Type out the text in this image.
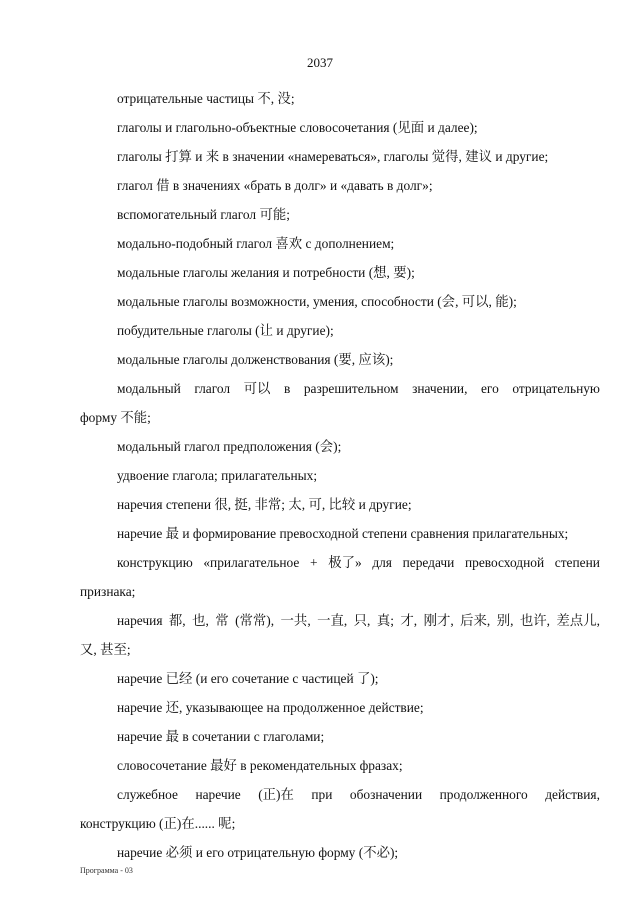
2037
отрицательные частицы 不, 没;
глаголы и глагольно-объектные словосочетания (见面 и далее);
глаголы 打算 и 来 в значении «намереваться», глаголы 觉得, 建议 и другие;
глагол 借 в значениях «брать в долг» и «давать в долг»;
вспомогательный глагол 可能;
модально-подобный глагол 喜欢 с дополнением;
модальные глаголы желания и потребности (想, 要);
модальные глаголы возможности, умения, способности (会, 可以, 能);
побудительные глаголы (让 и другие);
модальные глаголы долженствования (要, 应该);
модальный глагол 可以 в разрешительном значении, его отрицательную
форму 不能;
модальный глагол предположения (会);
удвоение глагола; прилагательных;
наречия степени 很, 挺, 非常; 太, 可, 比较 и другие;
наречие 最 и формирование превосходной степени сравнения прилагательных;
конструкцию «прилагательное + 极了» для передачи превосходной степени
признака;
наречия 都, 也, 常 (常常), 一共, 一直, 只, 真; 才, 刚才, 后来, 别, 也许, 差点儿,
又, 甚至;
наречие 已经 (и его сочетание с частицей 了);
наречие 还, указывающее на продолженное действие;
наречие 最 в сочетании с глаголами;
словосочетание 最好 в рекомендательных фразах;
служебное наречие (正)在 при обозначении продолженного действия,
конструкцию (正)在...... 呢;
наречие 必须 и его отрицательную форму (不必);
Программа - 03
